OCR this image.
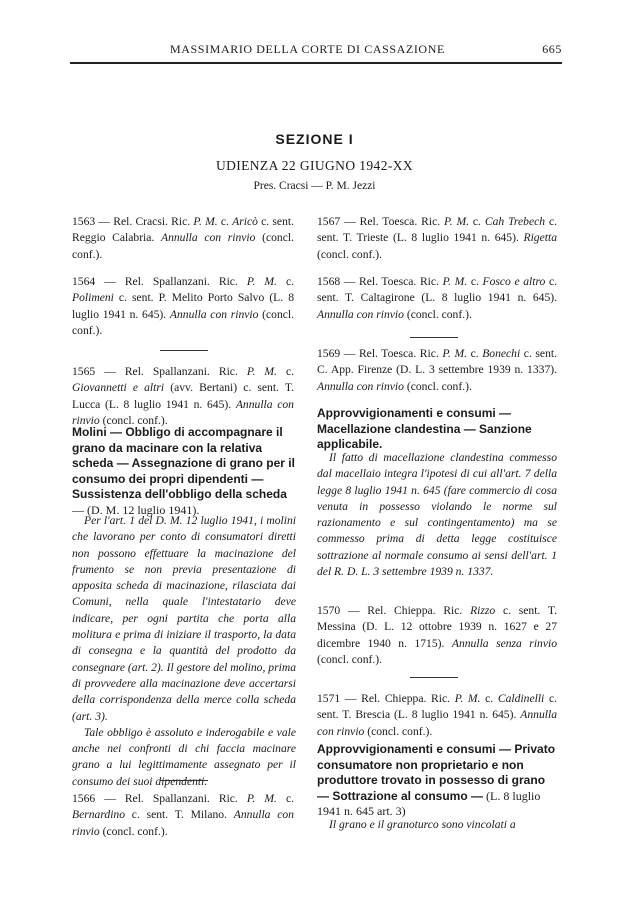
MASSIMARIO DELLA CORTE DI CASSAZIONE	665
SEZIONE I
UDIENZA 22 GIUGNO 1942-XX
Pres. Cracsi — P. M. Jezzi

1563 — Rel. Cracsi. Ric. P. M. c. Aricò c. sent. Reggio Calabria. Annulla con rinvio (concl. conf.).

1564 — Rel. Spallanzani. Ric. P. M. c. Polimeni c. sent. P. Melito Porto Salvo (L. 8 luglio 1941 n. 645). Annulla con rinvio (concl. conf.).

1565 — Rel. Spallanzani. Ric. P. M. c. Giovannetti e altri (avv. Bertani) c. sent. T. Lucca (L. 8 luglio 1941 n. 645). Annulla con rinvio (concl. conf.).

Molini — Obbligo di accompagnare il grano da macinare con la relativa scheda — Assegnazione di grano per il consumo dei propri dipendenti — Sussistenza dell'obbligo della scheda — (D. M. 12 luglio 1941).

Per l'art. 1 del D. M. 12 luglio 1941, i molini che lavorano per conto di consumatori diretti non possono effettuare la macinazione del frumento se non previa presentazione di apposita scheda di macinazione, rilasciata dai Comuni, nella quale l'intestatario deve indicare, per ogni partita che porta alla molitura e prima di iniziare il trasporto, la data di consegna e la quantità del prodotto da consegnare (art. 2). Il gestore del molino, prima di provvedere alla macinazione deve accertarsi della corrispondenza della merce colla scheda (art. 3).

Tale obbligo è assoluto e inderogabile e vale anche nei confronti di chi faccia macinare grano a lui legittimamente assegnato per il consumo dei suoi dipendenti.

1566 — Rel. Spallanzani. Ric. P. M. c. Bernardino c. sent. T. Milano. Annulla con rinvio (concl. conf.).

1567 — Rel. Toesca. Ric. P. M. c. Cah Trebech c. sent. T. Trieste (L. 8 luglio 1941 n. 645). Rigetta (concl. conf.).

1568 — Rel. Toesca. Ric. P. M. c. Fosco e altro c. sent. T. Caltagirone (L. 8 luglio 1941 n. 645). Annulla con rinvio (concl. conf.).

1569 — Rel. Toesca. Ric. P. M. c. Bonechi c. sent. C. App. Firenze (D. L. 3 settembre 1939 n. 1337). Annulla con rinvio (concl. conf.).

Approvvigionamenti e consumi — Macellazione clandestina — Sanzione applicabile.

Il fatto di macellazione clandestina commesso dal macellaio integra l'ipotesi di cui all'art. 7 della legge 8 luglio 1941 n. 645 (fare commercio di cosa venuta in possesso violando le norme sul razionamento e sul contingentamento) ma se commesso prima di detta legge costituisce sottrazione al normale consumo ai sensi dell'art. 1 del R. D. L. 3 settembre 1939 n. 1337.

1570 — Rel. Chieppa. Ric. Rizzo c. sent. T. Messina (D. L. 12 ottobre 1939 n. 1627 e 27 dicembre 1940 n. 1715). Annulla senza rinvio (concl. conf.).

1571 — Rel. Chieppa. Ric. P. M. c. Caldinelli c. sent. T. Brescia (L. 8 luglio 1941 n. 645). Annulla con rinvio (concl. conf.).

Approvvigionamenti e consumi — Privato consumatore non proprietario e non produttore trovato in possesso di grano — Sottrazione al consumo — (L. 8 luglio 1941 n. 645 art. 3)

Il grano e il granoturco sono vincolati a
